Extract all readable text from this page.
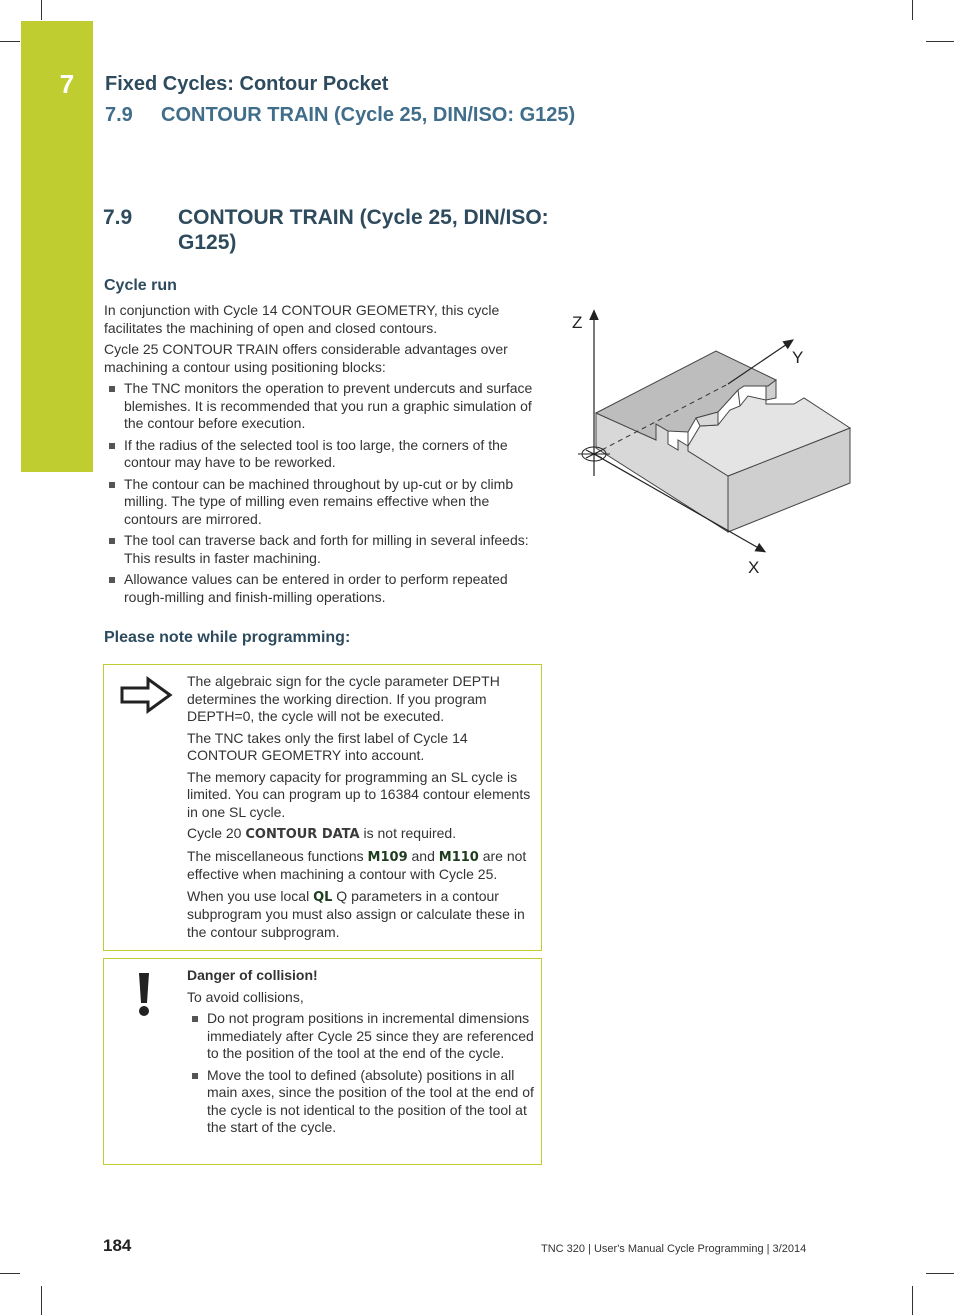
7	Fixed Cycles: Contour Pocket
7.9 CONTOUR TRAIN (Cycle 25, DIN/ISO: G125)
7.9 CONTOUR TRAIN (Cycle 25, DIN/ISO: G125)
Cycle run

In conjunction with Cycle 14 CONTOUR GEOMETRY, this cycle facilitates the machining of open and closed contours.

Cycle 25 CONTOUR TRAIN offers considerable advantages over machining a contour using positioning blocks:

The TNC monitors the operation to prevent undercuts and surface blemishes. It is recommended that you run a graphic simulation of the contour before execution.
If the radius of the selected tool is too large, the corners of the contour may have to be reworked.
The contour can be machined throughout by up-cut or by climb milling. The type of milling even remains effective when the contours are mirrored.
The tool can traverse back and forth for milling in several infeeds: This results in faster machining.
Allowance values can be entered in order to perform repeated rough-milling and finish-milling operations.
Z
Y
X
Please note while programming:

The algebraic sign for the cycle parameter DEPTH determines the working direction. If you program DEPTH=0, the cycle will not be executed.

The TNC takes only the first label of Cycle 14 CONTOUR GEOMETRY into account.

The memory capacity for programming an SL cycle is limited. You can program up to 16384 contour elements in one SL cycle.

Cycle 20 CONTOUR DATA is not required.

The miscellaneous functions M109 and M110 are not effective when machining a contour with Cycle 25.

When you use local QL Q parameters in a contour subprogram you must also assign or calculate these in the contour subprogram.

Danger of collision!

To avoid collisions,

Do not program positions in incremental dimensions immediately after Cycle 25 since they are referenced to the position of the tool at the end of the cycle.
Move the tool to defined (absolute) positions in all main axes, since the position of the tool at the end of the cycle is not identical to the position of the tool at the start of the cycle.
184	TNC 320 | User's Manual Cycle Programming | 3/2014
